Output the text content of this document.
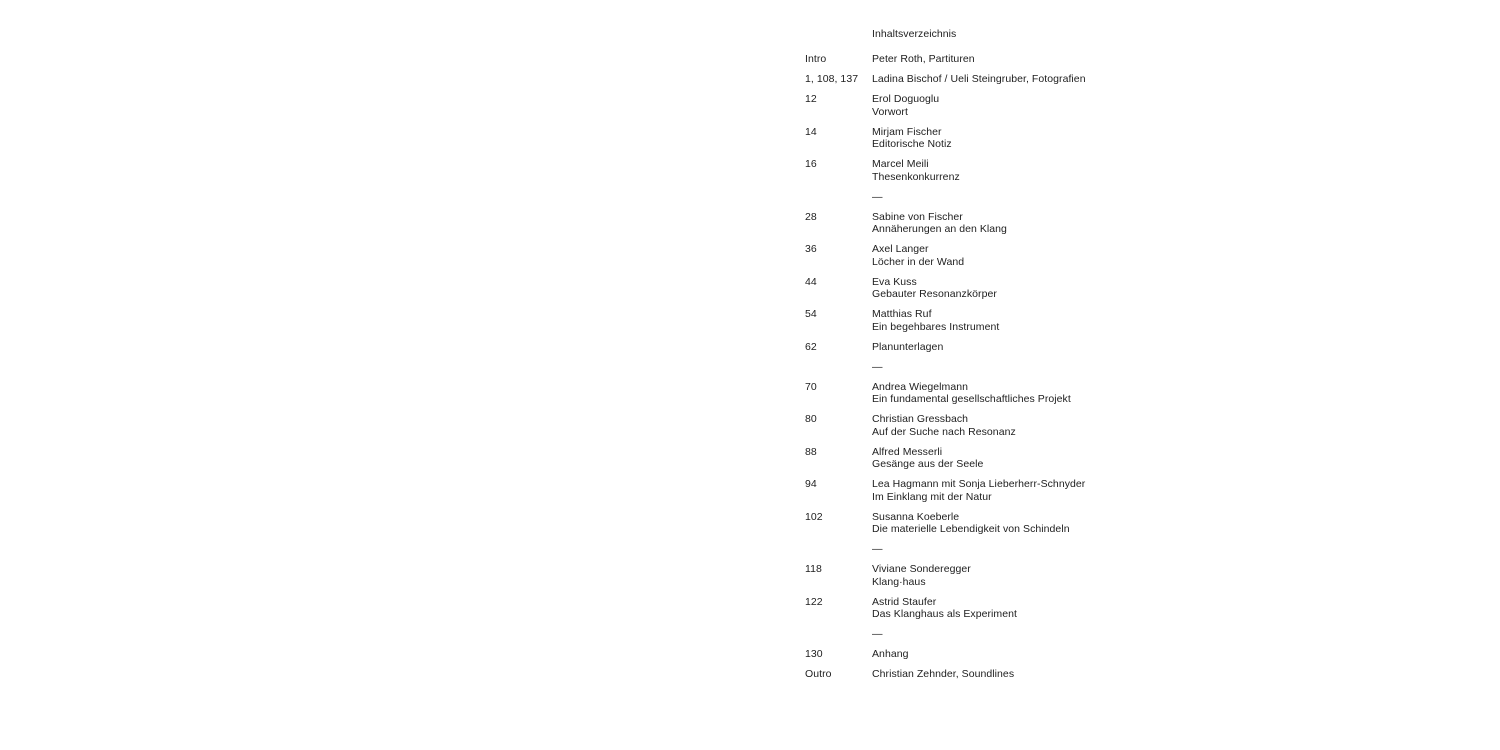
Inhaltsverzeichnis
Intro	Peter Roth, Partituren
1, 108, 137	Ladina Bischof / Ueli Steingruber, Fotografien
12	Erol Doguoglu
Vorwort
14	Mirjam Fischer
Editorische Notiz
16	Marcel Meili
Thesenkonkurrenz
—
28	Sabine von Fischer
Annäherungen an den Klang
36	Axel Langer
Löcher in der Wand
44	Eva Kuss
Gebauter Resonanzkörper
54	Matthias Ruf
Ein begehbares Instrument
62	Planunterlagen
—
70	Andrea Wiegelmann
Ein fundamental gesellschaftliches Projekt
80	Christian Gressbach
Auf der Suche nach Resonanz
88	Alfred Messerli
Gesänge aus der Seele
94	Lea Hagmann mit Sonja Lieberherr-Schnyder
Im Einklang mit der Natur
102	Susanna Koeberle
Die materielle Lebendigkeit von Schindeln
—
118	Viviane Sonderegger
Klang·haus
122	Astrid Staufer
Das Klanghaus als Experiment
—
130	Anhang
Outro	Christian Zehnder, Soundlines
